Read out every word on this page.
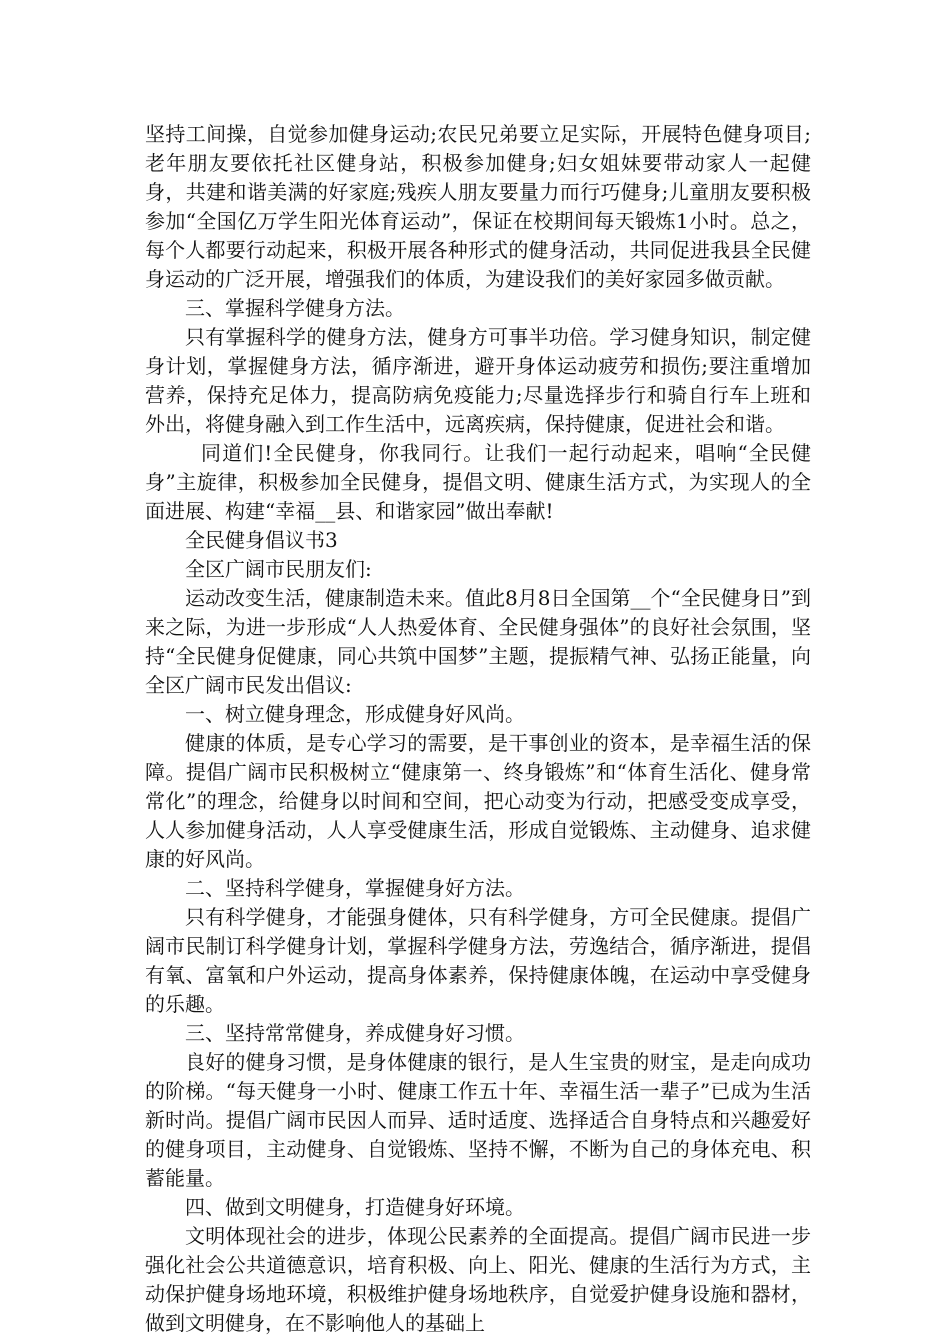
坚持工间操，自觉参加健身运动;农民兄弟要立足实际，开展特色健身项目;老年朋友要依托社区健身站，积极参加健身;妇女姐妹要带动家人一起健身，共建和谐美满的好家庭;残疾人朋友要量力而行巧健身;儿童朋友要积极参加“全国亿万学生阳光体育运动”，保证在校期间每天锻炼1小时。总之，每个人都要行动起来，积极开展各种形式的健身活动，共同促进我县全民健身运动的广泛开展，增强我们的体质，为建设我们的美好家园多做贡献。

三、掌握科学健身方法。

只有掌握科学的健身方法，健身方可事半功倍。学习健身知识，制定健身计划，掌握健身方法，循序渐进，避开身体运动疲劳和损伤;要注重增加营养，保持充足体力，提高防病免疫能力;尽量选择步行和骑自行车上班和外出，将健身融入到工作生活中，远离疾病，保持健康，促进社会和谐。

同道们!全民健身，你我同行。让我们一起行动起来，唱响“全民健身”主旋律，积极参加全民健身，提倡文明、健康生活方式，为实现人的全面进展、构建“幸福__县、和谐家园”做出奉献!

全民健身倡议书3

全区广阔市民朋友们:

运动改变生活，健康制造未来。值此8月8日全国第__个“全民健身日”到来之际，为进一步形成“人人热爱体育、全民健身强体”的良好社会氛围，坚持“全民健身促健康，同心共筑中国梦”主题，提振精气神、弘扬正能量，向全区广阔市民发出倡议:

一、树立健身理念，形成健身好风尚。

健康的体质，是专心学习的需要，是干事创业的资本，是幸福生活的保障。提倡广阔市民积极树立“健康第一、终身锻炼”和“体育生活化、健身常常化”的理念，给健身以时间和空间，把心动变为行动，把感受变成享受，人人参加健身活动，人人享受健康生活，形成自觉锻炼、主动健身、追求健康的好风尚。

二、坚持科学健身，掌握健身好方法。

只有科学健身，才能强身健体，只有科学健身，方可全民健康。提倡广阔市民制订科学健身计划，掌握科学健身方法，劳逸结合，循序渐进，提倡有氧、富氧和户外运动，提高身体素养，保持健康体魄，在运动中享受健身的乐趣。

三、坚持常常健身，养成健身好习惯。

良好的健身习惯，是身体健康的银行，是人生宝贵的财宝，是走向成功的阶梯。“每天健身一小时、健康工作五十年、幸福生活一辈子”已成为生活新时尚。提倡广阔市民因人而异、适时适度、选择适合自身特点和兴趣爱好的健身项目，主动健身、自觉锻炼、坚持不懈，不断为自己的身体充电、积蓄能量。

四、做到文明健身，打造健身好环境。

文明体现社会的进步，体现公民素养的全面提高。提倡广阔市民进一步强化社会公共道德意识，培育积极、向上、阳光、健康的生活行为方式，主动保护健身场地环境，积极维护健身场地秩序，自觉爱护健身设施和器材，做到文明健身，在不影响他人的基础上
